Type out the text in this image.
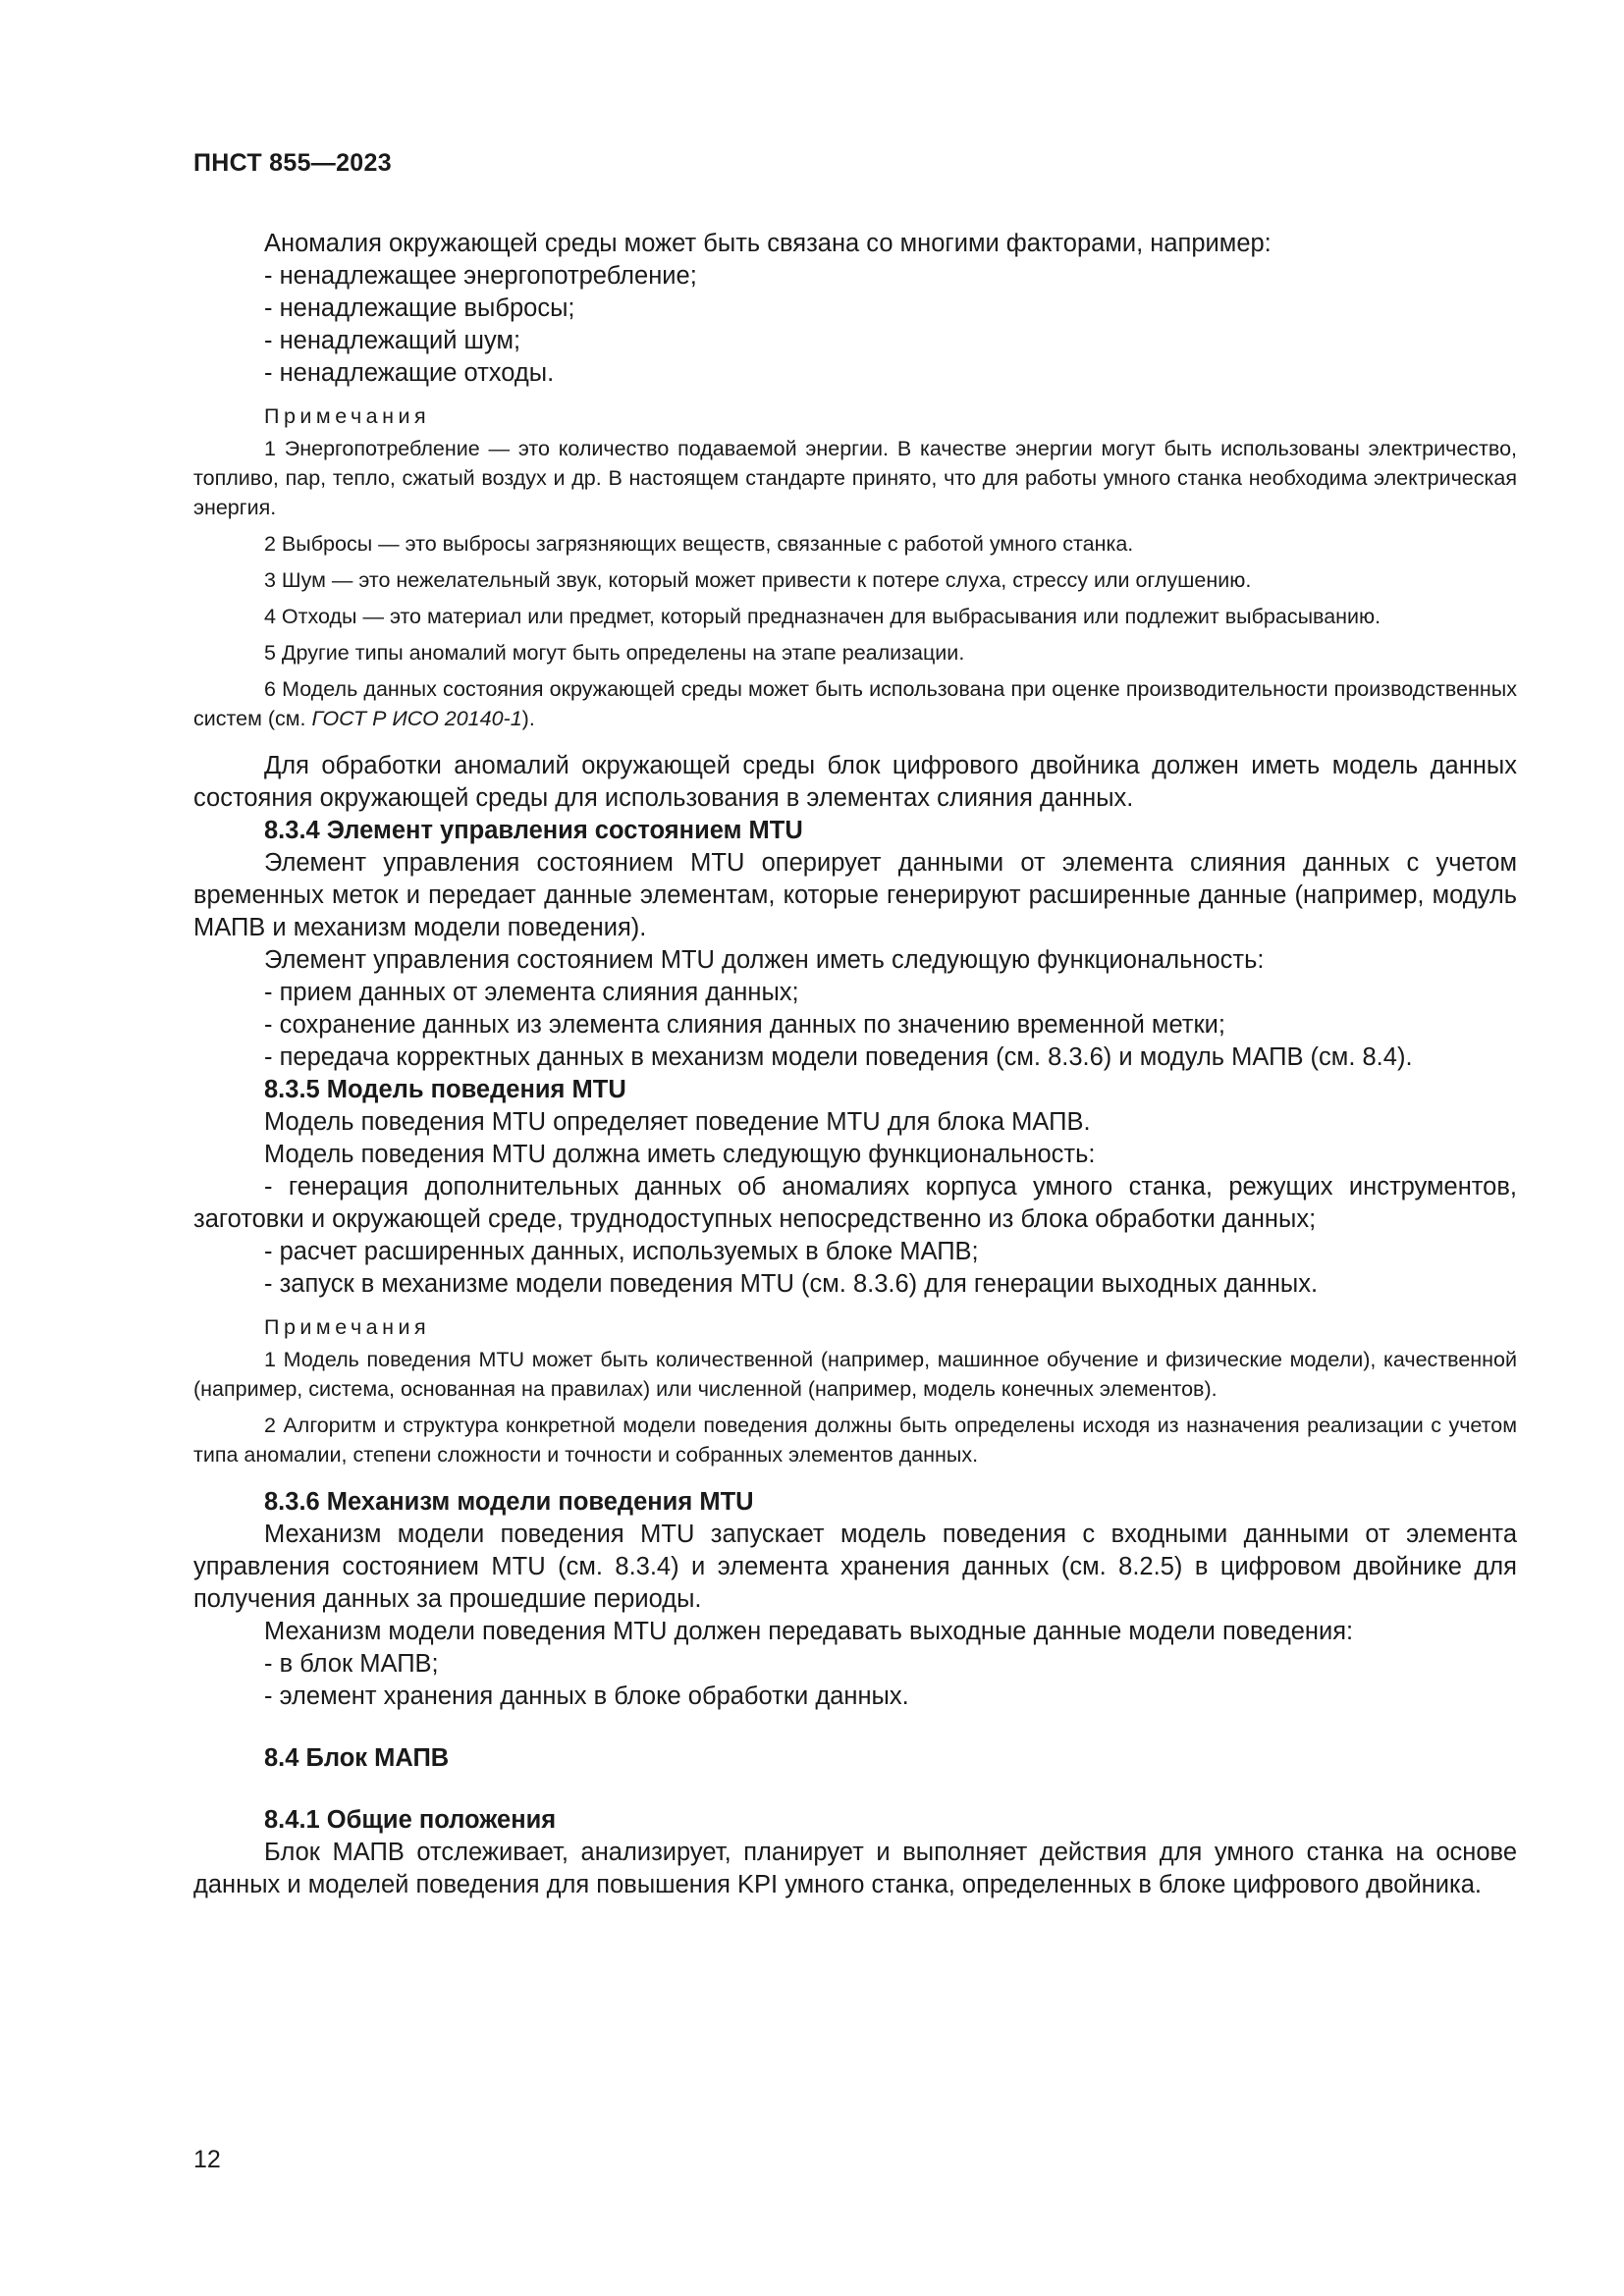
ПНСТ 855—2023

Аномалия окружающей среды может быть связана со многими факторами, например:

- ненадлежащее энергопотребление;

- ненадлежащие выбросы;

- ненадлежащий шум;

- ненадлежащие отходы.

Примечания

1 Энергопотребление — это количество подаваемой энергии. В качестве энергии могут быть использованы электричество, топливо, пар, тепло, сжатый воздух и др. В настоящем стандарте принято, что для работы умного станка необходима электрическая энергия.

2 Выбросы — это выбросы загрязняющих веществ, связанные с работой умного станка.

3 Шум — это нежелательный звук, который может привести к потере слуха, стрессу или оглушению.

4 Отходы — это материал или предмет, который предназначен для выбрасывания или подлежит выбрасыванию.

5 Другие типы аномалий могут быть определены на этапе реализации.

6 Модель данных состояния окружающей среды может быть использована при оценке производительности производственных систем (см. ГОСТ Р ИСО 20140-1).

Для обработки аномалий окружающей среды блок цифрового двойника должен иметь модель данных состояния окружающей среды для использования в элементах слияния данных.

8.3.4 Элемент управления состоянием MTU

Элемент управления состоянием MTU оперирует данными от элемента слияния данных с учетом временных меток и передает данные элементам, которые генерируют расширенные данные (например, модуль МАПВ и механизм модели поведения).

Элемент управления состоянием MTU должен иметь следующую функциональность:

- прием данных от элемента слияния данных;

- сохранение данных из элемента слияния данных по значению временной метки;

- передача корректных данных в механизм модели поведения (см. 8.3.6) и модуль МАПВ (см. 8.4).

8.3.5 Модель поведения MTU

Модель поведения MTU определяет поведение MTU для блока МАПВ.

Модель поведения MTU должна иметь следующую функциональность:

- генерация дополнительных данных об аномалиях корпуса умного станка, режущих инструментов, заготовки и окружающей среде, труднодоступных непосредственно из блока обработки данных;

- расчет расширенных данных, используемых в блоке МАПВ;

- запуск в механизме модели поведения MTU (см. 8.3.6) для генерации выходных данных.

Примечания

1 Модель поведения MTU может быть количественной (например, машинное обучение и физические модели), качественной (например, система, основанная на правилах) или численной (например, модель конечных элементов).

2 Алгоритм и структура конкретной модели поведения должны быть определены исходя из назначения реализации с учетом типа аномалии, степени сложности и точности и собранных элементов данных.

8.3.6 Механизм модели поведения MTU

Механизм модели поведения MTU запускает модель поведения с входными данными от элемента управления состоянием MTU (см. 8.3.4) и элемента хранения данных (см. 8.2.5) в цифровом двойнике для получения данных за прошедшие периоды.

Механизм модели поведения MTU должен передавать выходные данные модели поведения:

- в блок МАПВ;

- элемент хранения данных в блоке обработки данных.

8.4 Блок МАПВ

8.4.1 Общие положения

Блок МАПВ отслеживает, анализирует, планирует и выполняет действия для умного станка на основе данных и моделей поведения для повышения KPI умного станка, определенных в блоке цифрового двойника.

12
